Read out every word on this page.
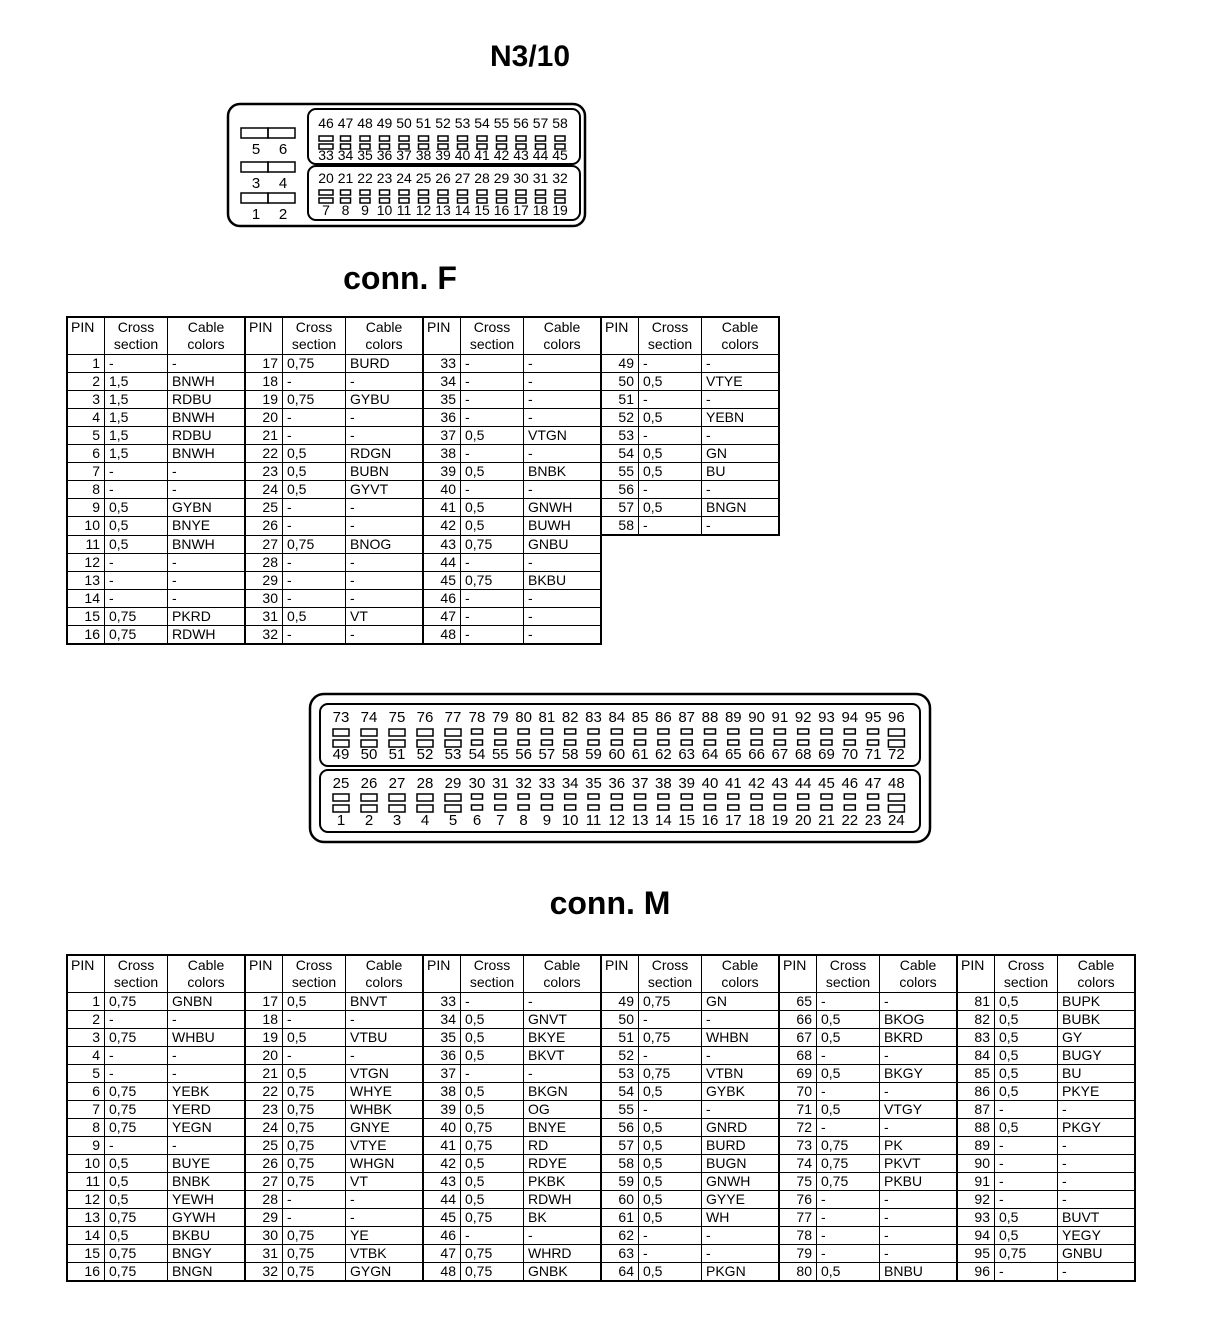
N3/10
5 6
3 4
1 2
46
33
47
34
48
35
49
36
50
37
51
38
52
39
53
40
54
41
55
42
56
43
57
44
58
45
20
7
21
8
22
9
23
10
24
11
25
12
26
13
27
14
28
15
29
16
30
17
31
18
32
19
73
49
74
50
75
51
76
52
77
53
78
54
79
55
80
56
81
57
82
58
83
59
84
60
85
61
86
62
87
63
88
64
89
65
90
66
91
67
92
68
93
69
94
70
95
71
96
72
25
1
26
2
27
3
28
4
29
5
30
6
31
7
32
8
33
9
34
10
35
11
36
12
37
13
38
14
39
15
40
16
41
17
42
18
43
19
44
20
45
21
46
22
47
23
48
24
conn. F
PIN	Cross
section	Cable
colors	PIN	Cross
section	Cable
colors	PIN	Cross
section	Cable
colors	PIN	Cross
section	Cable
colors
1	-	-	17	0,75	BURD	33	-	-	49	-	-
2	1,5	BNWH	18	-	-	34	-	-	50	0,5	VTYE
3	1,5	RDBU	19	0,75	GYBU	35	-	-	51	-	-
4	1,5	BNWH	20	-	-	36	-	-	52	0,5	YEBN
5	1,5	RDBU	21	-	-	37	0,5	VTGN	53	-	-
6	1,5	BNWH	22	0,5	RDGN	38	-	-	54	0,5	GN
7	-	-	23	0,5	BUBN	39	0,5	BNBK	55	0,5	BU
8	-	-	24	0,5	GYVT	40	-	-	56	-	-
9	0,5	GYBN	25	-	-	41	0,5	GNWH	57	0,5	BNGN
10	0,5	BNYE	26	-	-	42	0,5	BUWH	58	-	-
11	0,5	BNWH	27	0,75	BNOG	43	0,75	GNBU			
12	-	-	28	-	-	44	-	-			
13	-	-	29	-	-	45	0,75	BKBU			
14	-	-	30	-	-	46	-	-			
15	0,75	PKRD	31	0,5	VT	47	-	-			
16	0,75	RDWH	32	-	-	48	-	-			
conn. M
PIN	Cross
section	Cable
colors	PIN	Cross
section	Cable
colors	PIN	Cross
section	Cable
colors	PIN	Cross
section	Cable
colors	PIN	Cross
section	Cable
colors	PIN	Cross
section	Cable
colors
1	0,75	GNBN	17	0,5	BNVT	33	-	-	49	0,75	GN	65	-	-	81	0,5	BUPK
2	-	-	18	-	-	34	0,5	GNVT	50	-	-	66	0,5	BKOG	82	0,5	BUBK
3	0,75	WHBU	19	0,5	VTBU	35	0,5	BKYE	51	0,75	WHBN	67	0,5	BKRD	83	0,5	GY
4	-	-	20	-	-	36	0,5	BKVT	52	-	-	68	-	-	84	0,5	BUGY
5	-	-	21	0,5	VTGN	37	-	-	53	0,75	VTBN	69	0,5	BKGY	85	0,5	BU
6	0,75	YEBK	22	0,75	WHYE	38	0,5	BKGN	54	0,5	GYBK	70	-	-	86	0,5	PKYE
7	0,75	YERD	23	0,75	WHBK	39	0,5	OG	55	-	-	71	0,5	VTGY	87	-	-
8	0,75	YEGN	24	0,75	GNYE	40	0,75	BNYE	56	0,5	GNRD	72	-	-	88	0,5	PKGY
9	-	-	25	0,75	VTYE	41	0,75	RD	57	0,5	BURD	73	0,75	PK	89	-	-
10	0,5	BUYE	26	0,75	WHGN	42	0,5	RDYE	58	0,5	BUGN	74	0,75	PKVT	90	-	-
11	0,5	BNBK	27	0,75	VT	43	0,5	PKBK	59	0,5	GNWH	75	0,75	PKBU	91	-	-
12	0,5	YEWH	28	-	-	44	0,5	RDWH	60	0,5	GYYE	76	-	-	92	-	-
13	0,75	GYWH	29	-	-	45	0,75	BK	61	0,5	WH	77	-	-	93	0,5	BUVT
14	0,5	BKBU	30	0,75	YE	46	-	-	62	-	-	78	-	-	94	0,5	YEGY
15	0,75	BNGY	31	0,75	VTBK	47	0,75	WHRD	63	-	-	79	-	-	95	0,75	GNBU
16	0,75	BNGN	32	0,75	GYGN	48	0,75	GNBK	64	0,5	PKGN	80	0,5	BNBU	96	-	-
